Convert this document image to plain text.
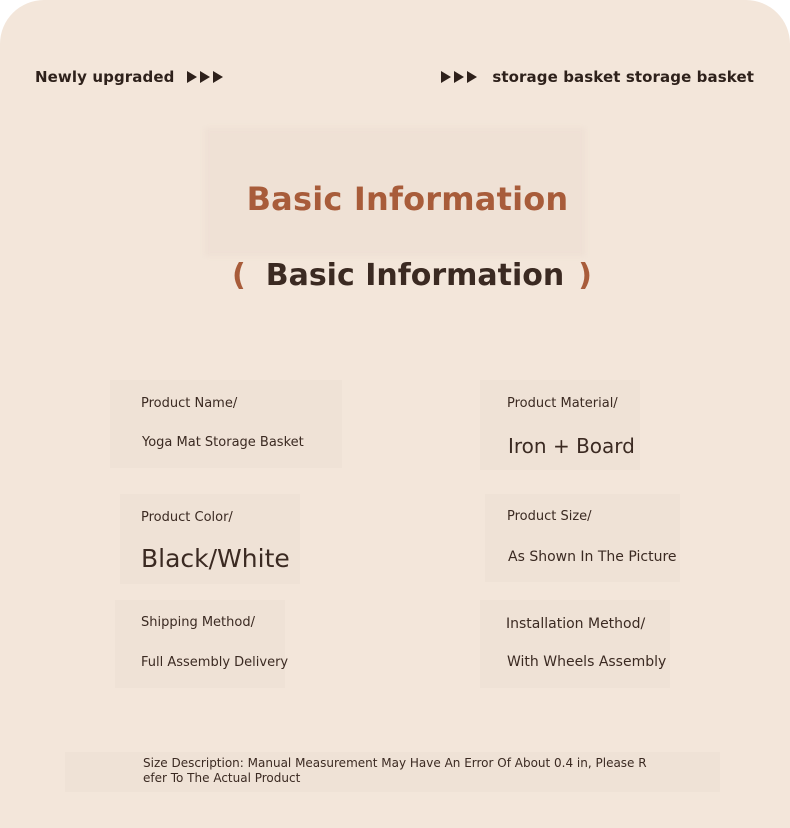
Newly upgraded	storage basket storage basket
Basic Information
( Basic Information )
Product Name/
Yoga Mat Storage Basket
Product Material/
Iron + Board
Product Color/
Black/White
Product Size/
As Shown In The Picture
Shipping Method/
Full Assembly Delivery
Installation Method/
With Wheels Assembly
Size Description: Manual Measurement May Have An Error Of About 0.4 in, Please Refer To The Actual Product
